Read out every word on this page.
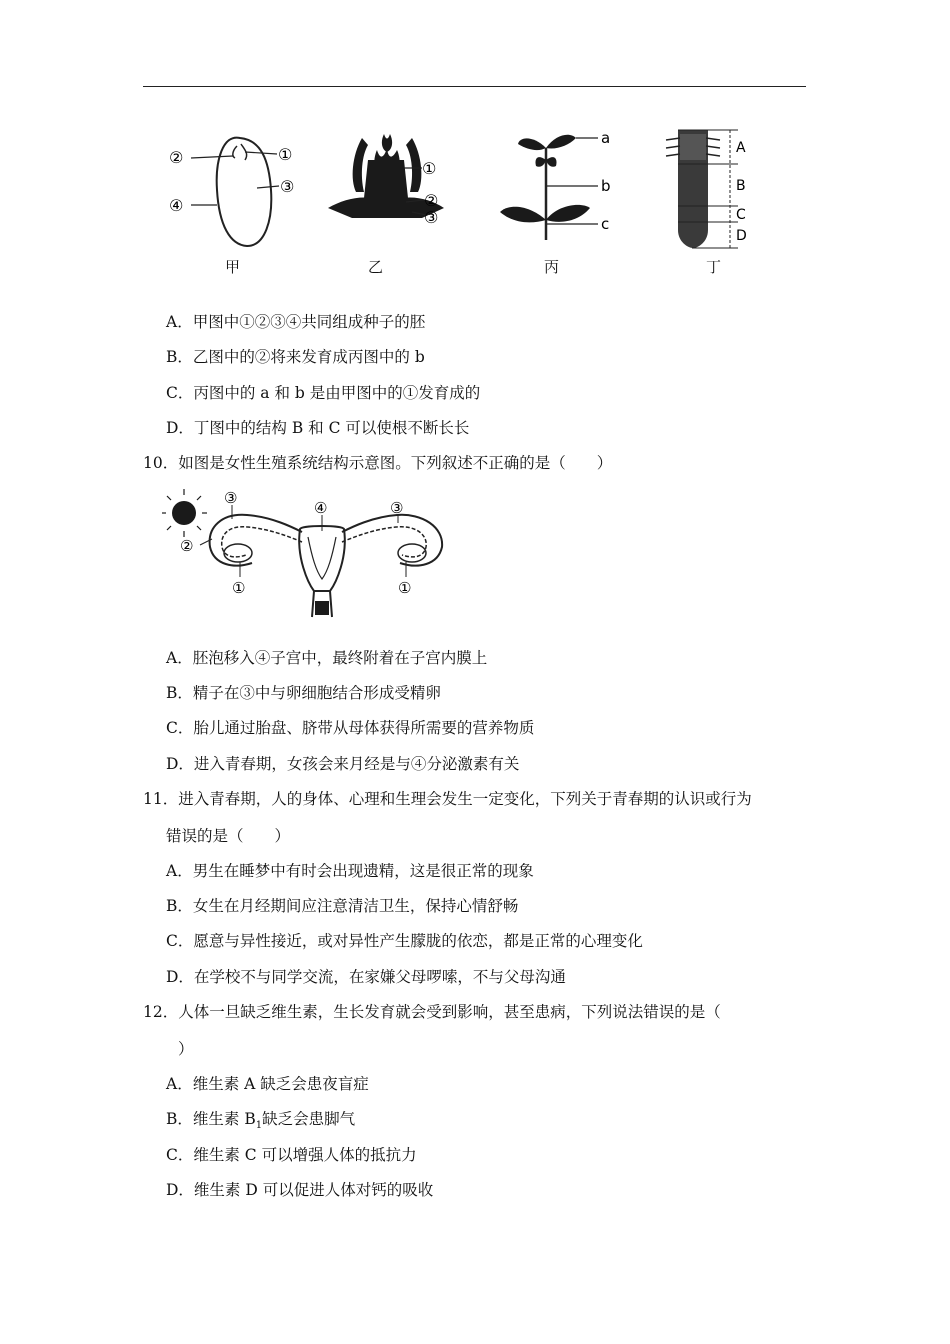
②	①
③
④
甲
①
②
③
乙
a
b
c
丙
A
B
C
D
丁
A．甲图中①②③④共同组成种子的胚
B．乙图中的②将来发育成丙图中的 b
C．丙图中的 a 和 b 是由甲图中的①发育成的
D．丁图中的结构 B 和 C 可以使根不断长长
10．如图是女性生殖系统结构示意图。下列叙述不正确的是（　　）
③
②
①
④	③
①
A．胚泡移入④子宫中，最终附着在子宫内膜上
B．精子在③中与卵细胞结合形成受精卵
C．胎儿通过胎盘、脐带从母体获得所需要的营养物质
D．进入青春期，女孩会来月经是与④分泌激素有关
11．进入青春期，人的身体、心理和生理会发生一定变化，下列关于青春期的认识或行为
错误的是（　　）
A．男生在睡梦中有时会出现遗精，这是很正常的现象
B．女生在月经期间应注意清洁卫生，保持心情舒畅
C．愿意与异性接近，或对异性产生朦胧的依恋，都是正常的心理变化
D．在学校不与同学交流，在家嫌父母啰嗦，不与父母沟通
12．人体一旦缺乏维生素，生长发育就会受到影响，甚至患病，下列说法错误的是（
）
A．维生素 A 缺乏会患夜盲症
B．维生素 $B_1$缺乏会患脚气
C．维生素 C 可以增强人体的抵抗力
D．维生素 D 可以促进人体对钙的吸收
